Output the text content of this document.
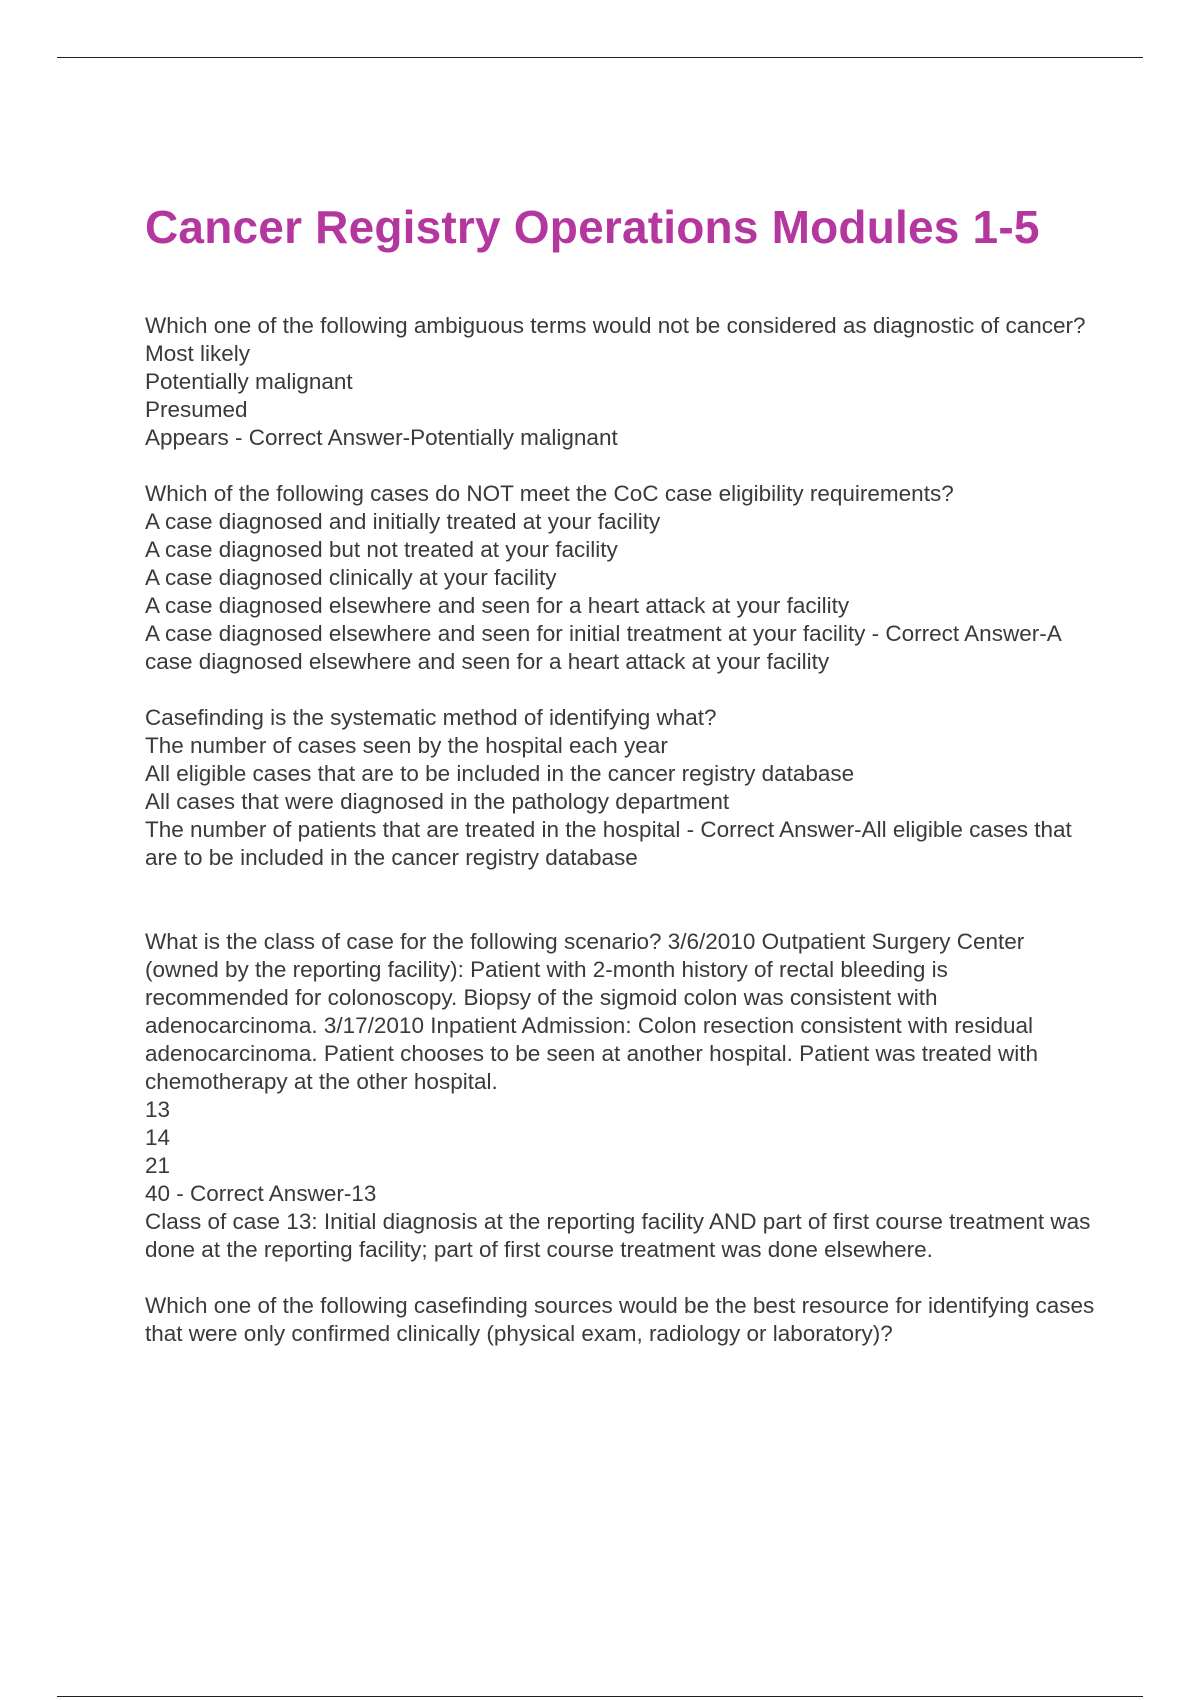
Cancer Registry Operations Modules 1-5
Which one of the following ambiguous terms would not be considered as diagnostic of cancer?
Most likely
Potentially malignant
Presumed
Appears - Correct Answer-Potentially malignant
Which of the following cases do NOT meet the CoC case eligibility requirements?
A case diagnosed and initially treated at your facility
A case diagnosed but not treated at your facility
A case diagnosed clinically at your facility
A case diagnosed elsewhere and seen for a heart attack at your facility
A case diagnosed elsewhere and seen for initial treatment at your facility - Correct Answer-A case diagnosed elsewhere and seen for a heart attack at your facility
Casefinding is the systematic method of identifying what?
The number of cases seen by the hospital each year
All eligible cases that are to be included in the cancer registry database
All cases that were diagnosed in the pathology department
The number of patients that are treated in the hospital - Correct Answer-All eligible cases that are to be included in the cancer registry database
What is the class of case for the following scenario? 3/6/2010 Outpatient Surgery Center (owned by the reporting facility): Patient with 2-month history of rectal bleeding is recommended for colonoscopy. Biopsy of the sigmoid colon was consistent with adenocarcinoma. 3/17/2010 Inpatient Admission: Colon resection consistent with residual adenocarcinoma. Patient chooses to be seen at another hospital. Patient was treated with chemotherapy at the other hospital.
13
14
21
40 - Correct Answer-13
Class of case 13: Initial diagnosis at the reporting facility AND part of first course treatment was done at the reporting facility; part of first course treatment was done elsewhere.
Which one of the following casefinding sources would be the best resource for identifying cases that were only confirmed clinically (physical exam, radiology or laboratory)?
